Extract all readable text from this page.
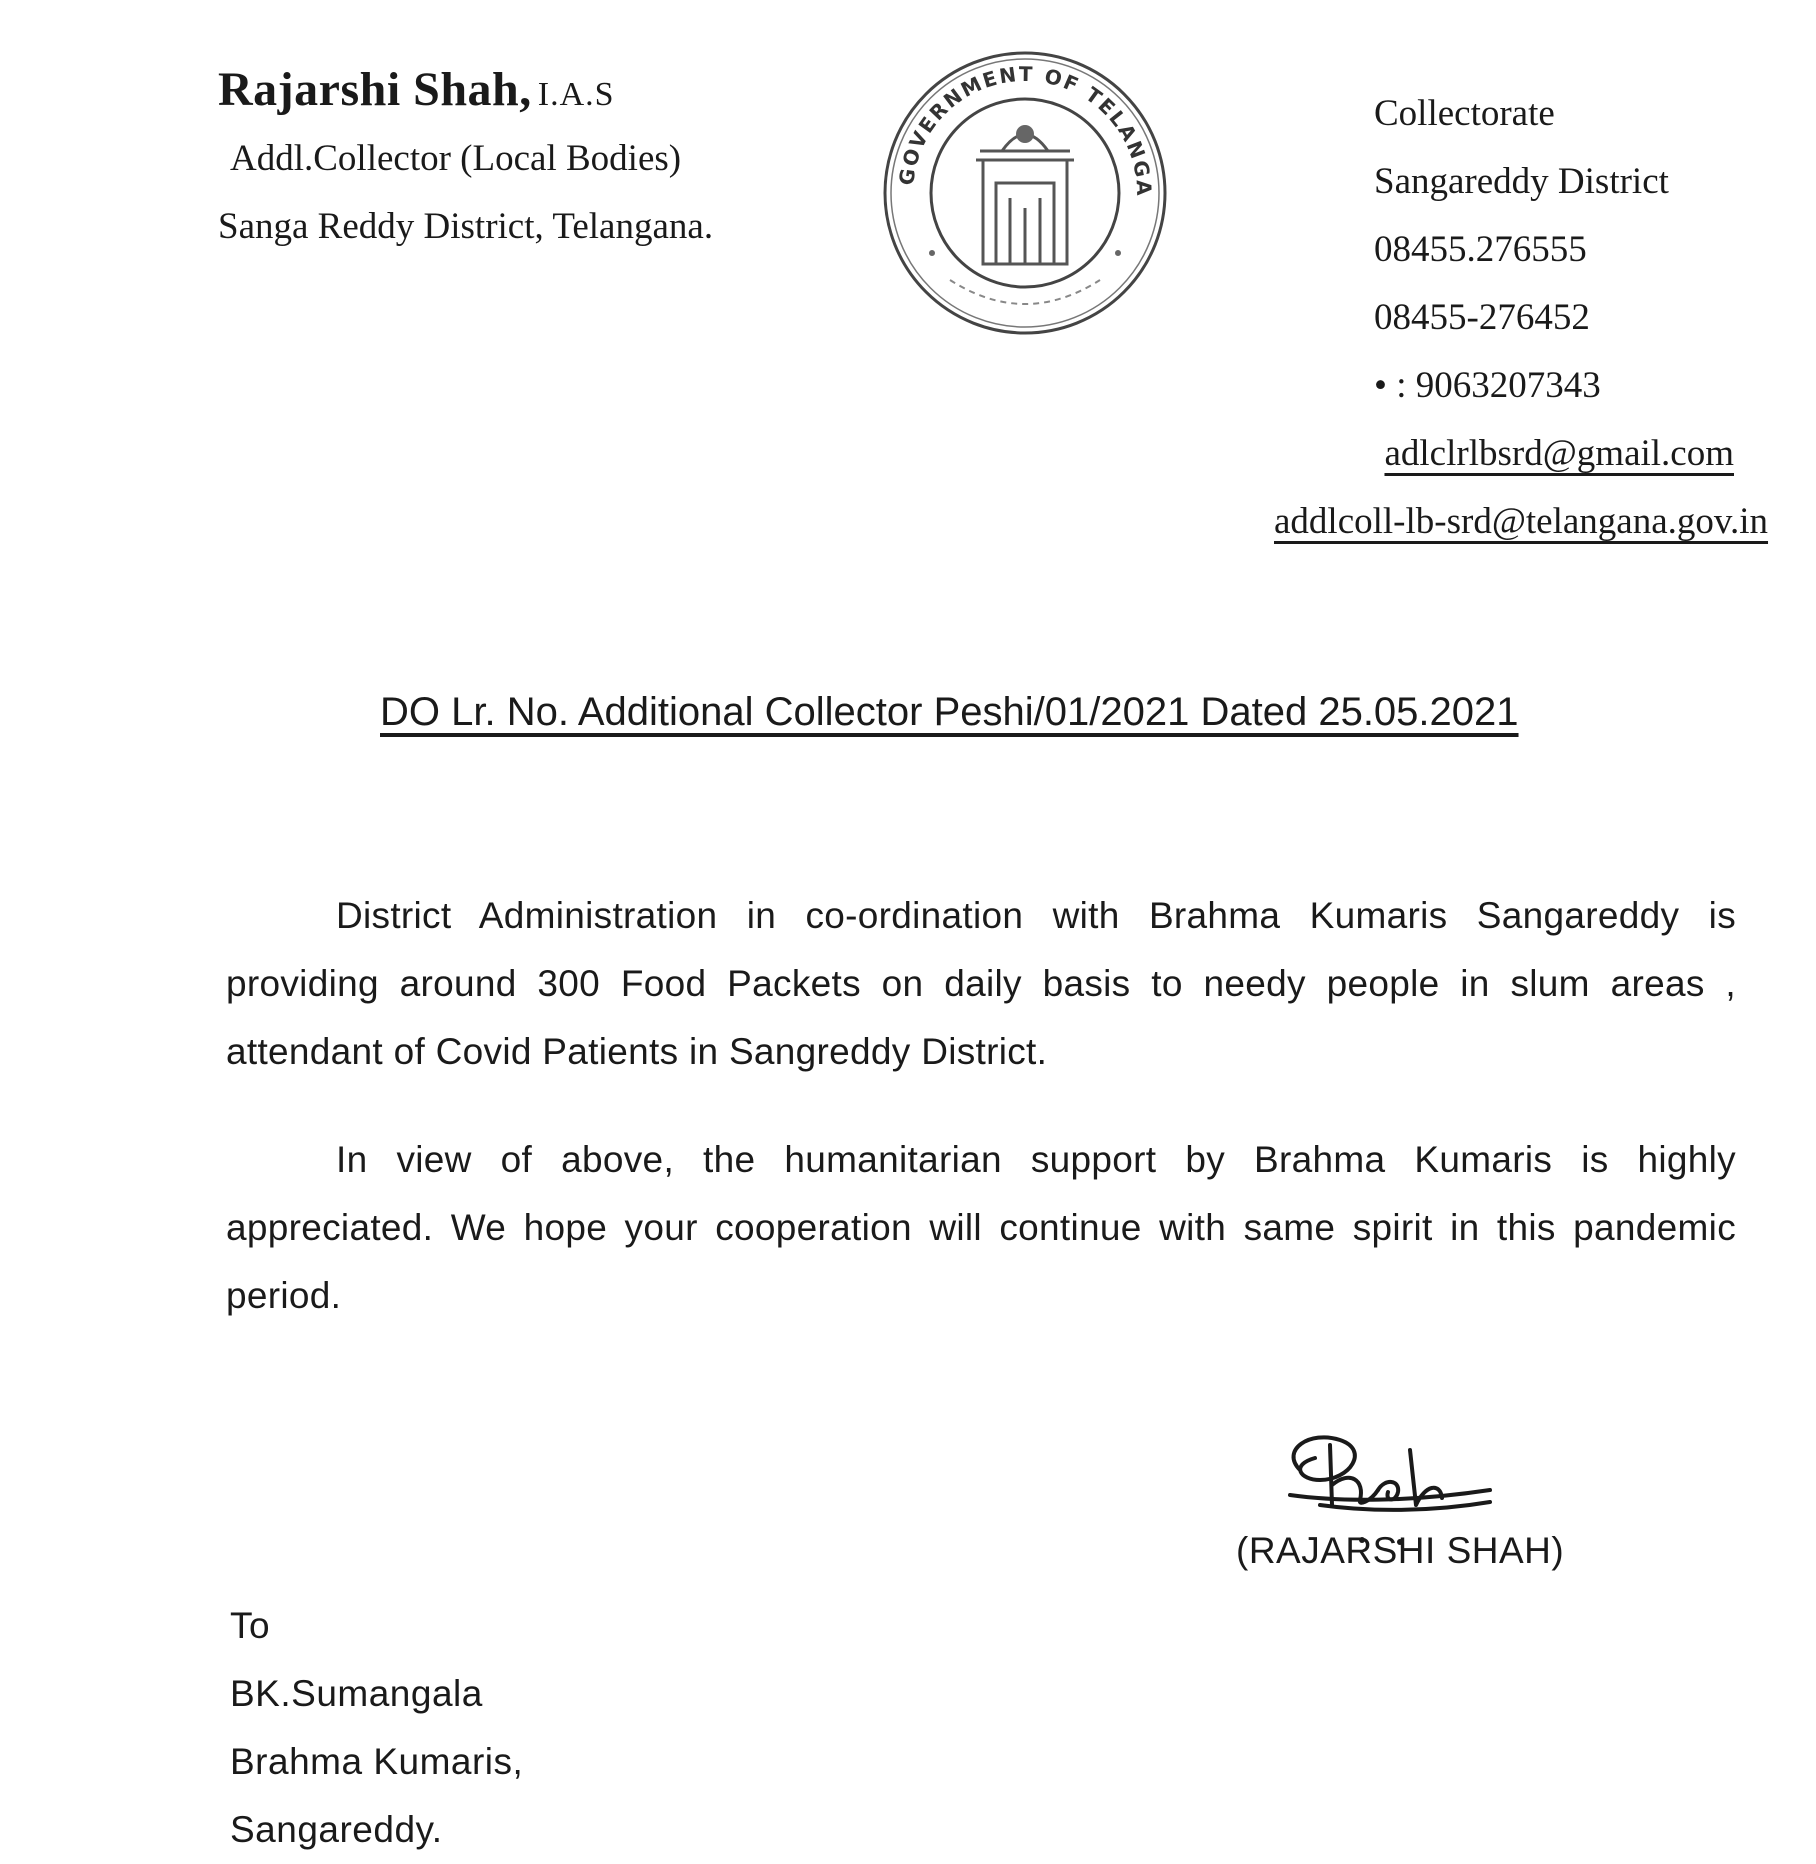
Rajarshi Shah, I.A.S
Addl.Collector (Local Bodies)
Sanga Reddy District, Telangana.
GOVERNMENT OF TELANGA
Collectorate
Sangareddy District
08455.276555
08455-276452
• : 9063207343
adlclrlbsrd@gmail.com
addlcoll-lb-srd@telangana.gov.in
DO Lr. No. Additional Collector Peshi/01/2021 Dated 25.05.2021
District Administration in co-ordination with Brahma Kumaris Sangareddy is providing around 300 Food Packets on daily basis to needy people in slum areas , attendant of Covid Patients in Sangreddy District.
In view of above, the humanitarian support by Brahma Kumaris is highly appreciated. We hope your cooperation will continue with same spirit in this pandemic period.
(RAJARSHI SHAH)
To
BK.Sumangala
Brahma Kumaris,
Sangareddy.
